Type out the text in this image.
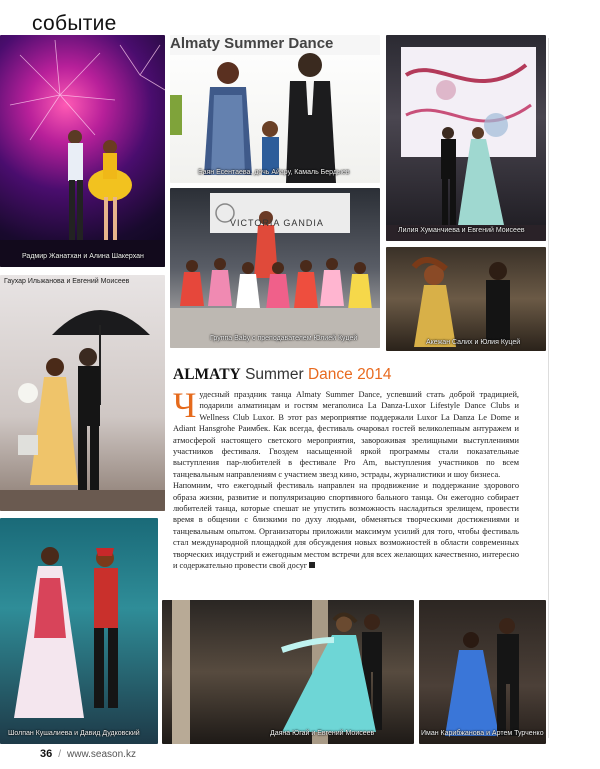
событие
Радмир Жанатхан и Алина Шакерхан
Almaty Summer Dance
Баян Есентаева, дочь Айару, Камаль Бердыев
Лилия Хуманчиева и Евгений Моисеев
VICTORIA GANDIA
Группа Baby с преподавателем Юлией Куцей
Гаухар Ильжанова и Евгений Моисеев
Акежан Салих и Юлия Куцей
ALMATY Summer Dance 2014

Чудесный праздник танца Almaty Summer Dance, успевший стать доброй традицией, подарили алматинцам и гостям мегаполиса La Danza-Luxor Lifestyle Dance Clubs и Wellness Club Luxor. В этот раз мероприятие поддержали Luxor La Danza Le Dome и Adiant Hansgrohe Раимбек. Как всегда, фестиваль очаровал гостей великолепным антуражем и атмосферой настоящего светского мероприятия, завороживая зрелищными выступлениями участников фестиваля. Гвоздем насыщенной яркой программы стали показательные выступления пар-любителей в фестивале Pro Am, выступления участников по всем танцевальным направлениям с участием звезд кино, эстрады, журналистики и шоу бизнеса.

Напомним, что ежегодный фестиваль направлен на продвижение и поддержание здорового образа жизни, развитие и популяризацию спортивного бального танца. Он ежегодно собирает любителей танца, которые спешат не упустить возможность насладиться зрелищем, провести время в общении с близкими по духу людьми, обменяться творческими достижениями и танцевальным опытом. Организаторы приложили максимум усилий для того, чтобы фестиваль стал международной площадкой для обсуждения новых возможностей в области современных творческих индустрий и ежегодным местом встречи для всех желающих качественно, интересно и содержательно провести свой досуг

Шолпан Кушалиева и Давид Дудковский	Даяна Югай и Евгений Моисеев	Иман Карибжанова и Артем Турченко
36 / www.season.kz
